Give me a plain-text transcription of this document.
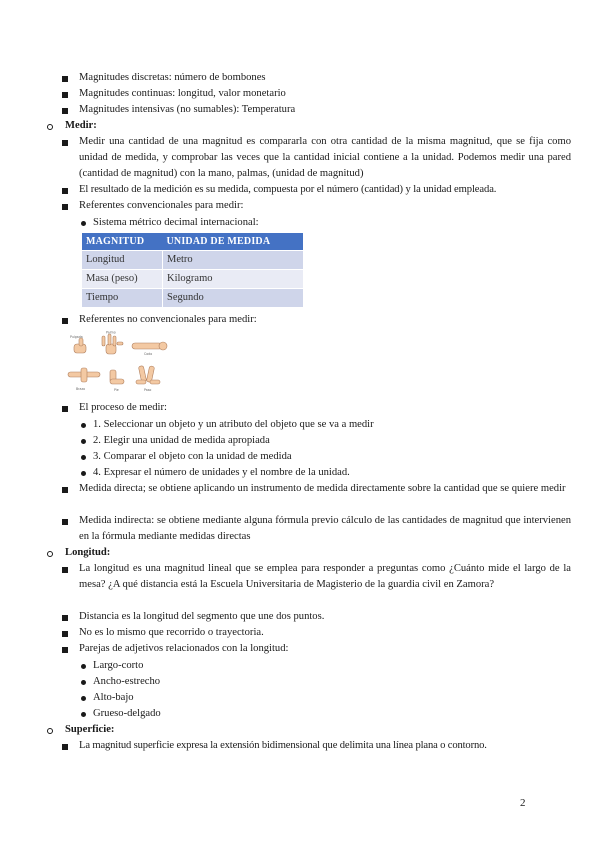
Magnitudes discretas: número de bombones
Magnitudes continuas: longitud, valor monetario
Magnitudes intensivas (no sumables): Temperatura
Medir:
Medir una cantidad de una magnitud es compararla con otra cantidad de la misma magnitud, que se fija como unidad de medida, y comprobar las veces que la cantidad inicial contiene a la unidad. Podemos medir una pared (cantidad de magnitud) con la mano, palmas, (unidad de magnitud)
El resultado de la medición es su medida, compuesta por el número (cantidad) y la unidad empleada.
Referentes convencionales para medir:
Sistema métrico decimal internacional:
MAGNITUD	UNIDAD DE MEDIDA
Longitud	Metro
Masa (peso)	Kilogramo
Tiempo	Segundo
Referentes no convencionales para medir:
Pulgada
Palmo
Codo
Brazo	Pie	Paso
El proceso de medir:
1. Seleccionar un objeto y un atributo del objeto que se va a medir
2. Elegir una unidad de medida apropiada
3. Comparar el objeto con la unidad de medida
4. Expresar el número de unidades y el nombre de la unidad.
Medida directa; se obtiene aplicando un instrumento de medida directamente sobre la cantidad que se quiere medir
Medida indirecta: se obtiene mediante alguna fórmula previo cálculo de las cantidades de magnitud que intervienen en la fórmula mediante medidas directas
Longitud:
La longitud es una magnitud lineal que se emplea para responder a preguntas como ¿Cuánto mide el largo de la mesa? ¿A qué distancia está la Escuela Universitaria de Magisterio de la guardia civil en Zamora?
Distancia es la longitud del segmento que une dos puntos.
No es lo mismo que recorrido o trayectoria.
Parejas de adjetivos relacionados con la longitud:
Largo-corto
Ancho-estrecho
Alto-bajo
Grueso-delgado
Superficie:
La magnitud superficie expresa la extensión bidimensional que delimita una línea plana o contorno.
2
